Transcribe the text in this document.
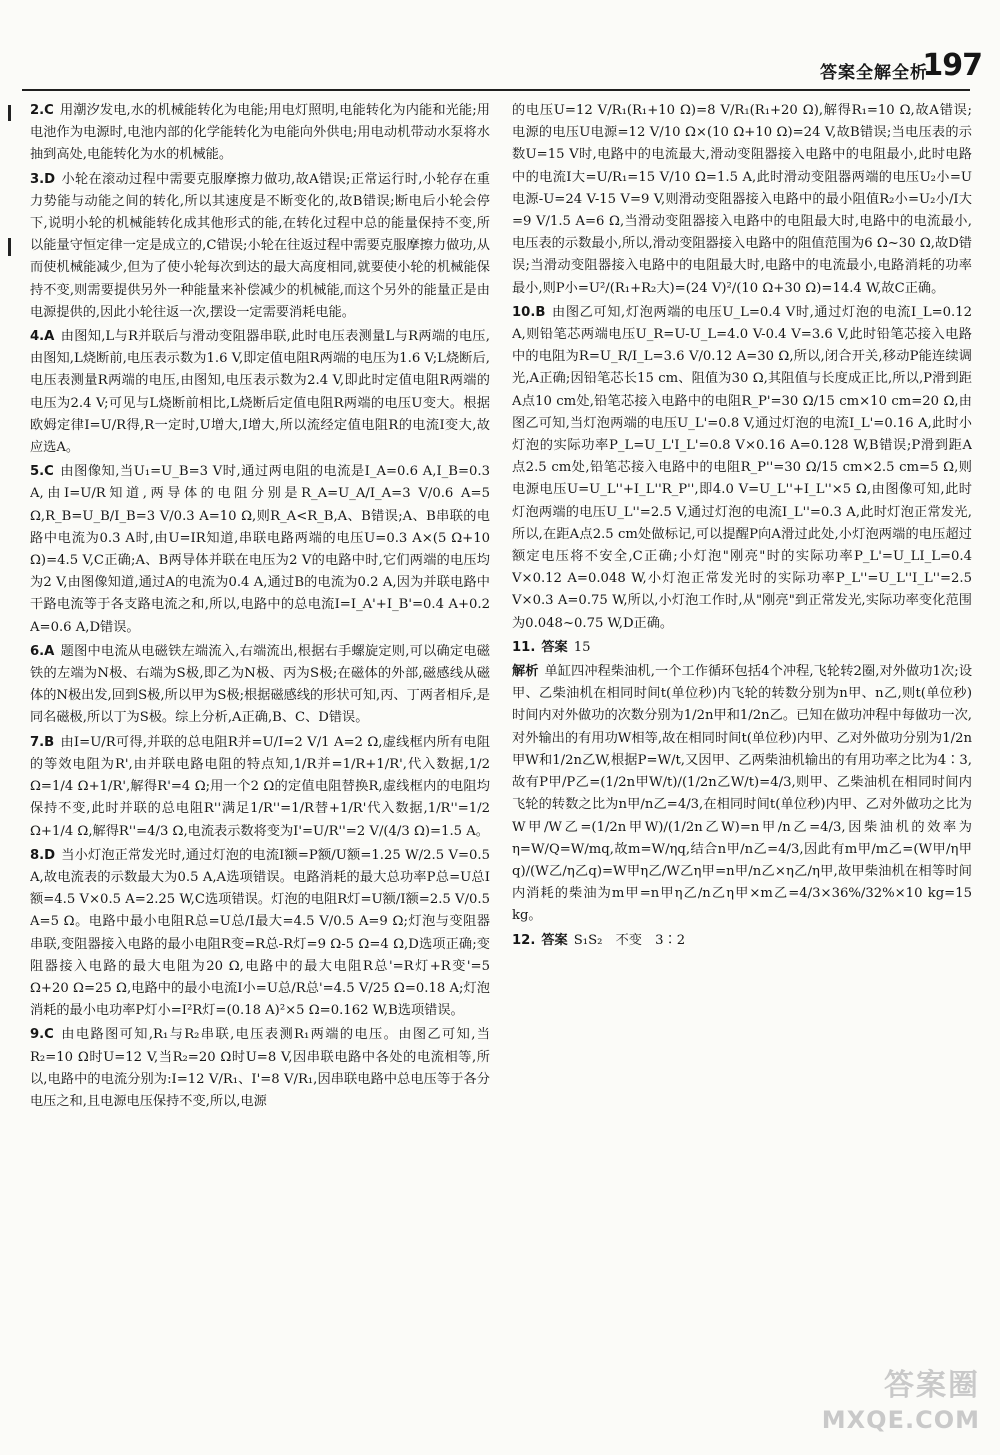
答案全解全析
197
2.C 用潮汐发电,水的机械能转化为电能;用电灯照明,电能转化为内能和光能;用电池作为电源时,电池内部的化学能转化为电能向外供电;用电动机带动水泵将水抽到高处,电能转化为水的机械能。
3.D 小轮在滚动过程中需要克服摩擦力做功,故A错误;正常运行时,小轮存在重力势能与动能之间的转化,所以其速度是不断变化的,故B错误;断电后小轮会停下,说明小轮的机械能转化成其他形式的能,在转化过程中总的能量保持不变,所以能量守恒定律一定是成立的,C错误;小轮在往返过程中需要克服摩擦力做功,从而使机械能减少,但为了使小轮每次到达的最大高度相同,就要使小轮的机械能保持不变,则需要提供另外一种能量来补偿减少的机械能,而这个另外的能量正是由电源提供的,因此小轮往返一次,摆设一定需要消耗电能。
4.A 由图知,L与R并联后与滑动变阻器串联,此时电压表测量L与R两端的电压,由图知,L烧断前,电压表示数为1.6 V,即定值电阻R两端的电压为1.6 V;L烧断后,电压表测量R两端的电压,由图知,电压表示数为2.4 V,即此时定值电阻R两端的电压为2.4 V;可见与L烧断前相比,L烧断后定值电阻R两端的电压U变大。根据欧姆定律I=U/R得,R一定时,U增大,I增大,所以流经定值电阻R的电流I变大,故应选A。
5.C 由图像知,当U₁=U_B=3 V时,通过两电阻的电流是I_A=0.6 A,I_B=0.3 A,由I=U/R知道,两导体的电阻分别是R_A=U_A/I_A=3 V/0.6 A=5 Ω,R_B=U_B/I_B=3 V/0.3 A=10 Ω,则R_A<R_B,A、B错误;A、B串联的电路中电流为0.3 A时,由U=IR知道,串联电路两端的电压U=0.3 A×(5 Ω+10 Ω)=4.5 V,C正确;A、B两导体并联在电压为2 V的电路中时,它们两端的电压均为2 V,由图像知道,通过A的电流为0.4 A,通过B的电流为0.2 A,因为并联电路中干路电流等于各支路电流之和,所以,电路中的总电流I=I_A'+I_B'=0.4 A+0.2 A=0.6 A,D错误。
6.A 题图中电流从电磁铁左端流入,右端流出,根据右手螺旋定则,可以确定电磁铁的左端为N极、右端为S极,即乙为N极、丙为S极;在磁体的外部,磁感线从磁体的N极出发,回到S极,所以甲为S极;根据磁感线的形状可知,丙、丁两者相斥,是同名磁极,所以丁为S极。综上分析,A正确,B、C、D错误。
7.B 由I=U/R可得,并联的总电阻R并=U/I=2 V/1 A=2 Ω,虚线框内所有电阻的等效电阻为R',由并联电路电阻的特点知,1/R并=1/R+1/R',代入数据,1/2 Ω=1/4 Ω+1/R',解得R'=4 Ω;用一个2 Ω的定值电阻替换R,虚线框内的电阻均保持不变,此时并联的总电阻R''满足1/R''=1/R替+1/R'代入数据,1/R''=1/2 Ω+1/4 Ω,解得R''=4/3 Ω,电流表示数将变为I'=U/R''=2 V/(4/3 Ω)=1.5 A。
8.D 当小灯泡正常发光时,通过灯泡的电流I额=P额/U额=1.25 W/2.5 V=0.5 A,故电流表的示数最大为0.5 A,A选项错误。电路消耗的最大总功率P总=U总I额=4.5 V×0.5 A=2.25 W,C选项错误。灯泡的电阻R灯=U额/I额=2.5 V/0.5 A=5 Ω。电路中最小电阻R总=U总/I最大=4.5 V/0.5 A=9 Ω;灯泡与变阻器串联,变阻器接入电路的最小电阻R变=R总-R灯=9 Ω-5 Ω=4 Ω,D选项正确;变阻器接入电路的最大电阻为20 Ω,电路中的最大电阻R总'=R灯+R变'=5 Ω+20 Ω=25 Ω,电路中的最小电流I小=U总/R总'=4.5 V/25 Ω=0.18 A;灯泡消耗的最小电功率P灯小=I²R灯=(0.18 A)²×5 Ω=0.162 W,B选项错误。
9.C 由电路图可知,R₁与R₂串联,电压表测R₁两端的电压。由图乙可知,当R₂=10 Ω时U=12 V,当R₂=20 Ω时U=8 V,因串联电路中各处的电流相等,所以,电路中的电流分别为:I=12 V/R₁、I'=8 V/R₁,因串联电路中总电压等于各分电压之和,且电源电压保持不变,所以,电源
的电压U=12 V/R₁(R₁+10 Ω)=8 V/R₁(R₁+20 Ω),解得R₁=10 Ω,故A错误;电源的电压U电源=12 V/10 Ω×(10 Ω+10 Ω)=24 V,故B错误;当电压表的示数U=15 V时,电路中的电流最大,滑动变阻器接入电路中的电阻最小,此时电路中的电流I大=U/R₁=15 V/10 Ω=1.5 A,此时滑动变阻器两端的电压U₂小=U电源-U=24 V-15 V=9 V,则滑动变阻器接入电路中的最小阻值R₂小=U₂小/I大=9 V/1.5 A=6 Ω,当滑动变阻器接入电路中的电阻最大时,电路中的电流最小,电压表的示数最小,所以,滑动变阻器接入电路中的阻值范围为6 Ω~30 Ω,故D错误;当滑动变阻器接入电路中的电阻最大时,电路中的电流最小,电路消耗的功率最小,则P小=U²/(R₁+R₂大)=(24 V)²/(10 Ω+30 Ω)=14.4 W,故C正确。
10.B 由图乙可知,灯泡两端的电压U_L=0.4 V时,通过灯泡的电流I_L=0.12 A,则铅笔芯两端电压U_R=U-U_L=4.0 V-0.4 V=3.6 V,此时铅笔芯接入电路中的电阻为R=U_R/I_L=3.6 V/0.12 A=30 Ω,所以,闭合开关,移动P能连续调光,A正确;因铅笔芯长15 cm、阻值为30 Ω,其阻值与长度成正比,所以,P滑到距A点10 cm处,铅笔芯接入电路中的电阻R_P'=30 Ω/15 cm×10 cm=20 Ω,由图乙可知,当灯泡两端的电压U_L'=0.8 V,通过灯泡的电流I_L'=0.16 A,此时小灯泡的实际功率P_L=U_L'I_L'=0.8 V×0.16 A=0.128 W,B错误;P滑到距A点2.5 cm处,铅笔芯接入电路中的电阻R_P''=30 Ω/15 cm×2.5 cm=5 Ω,则电源电压U=U_L''+I_L''R_P'',即4.0 V=U_L''+I_L''×5 Ω,由图像可知,此时灯泡两端的电压U_L''=2.5 V,通过灯泡的电流I_L''=0.3 A,此时灯泡正常发光,所以,在距A点2.5 cm处做标记,可以提醒P向A滑过此处,小灯泡两端的电压超过额定电压将不安全,C正确;小灯泡"刚亮"时的实际功率P_L'=U_LI_L=0.4 V×0.12 A=0.048 W,小灯泡正常发光时的实际功率P_L''=U_L''I_L''=2.5 V×0.3 A=0.75 W,所以,小灯泡工作时,从"刚亮"到正常发光,实际功率变化范围为0.048~0.75 W,D正确。
11. 答案 15
解析 单缸四冲程柴油机,一个工作循环包括4个冲程,飞轮转2圈,对外做功1次;设甲、乙柴油机在相同时间t(单位秒)内飞轮的转数分别为n甲、n乙,则t(单位秒)时间内对外做功的次数分别为1/2n甲和1/2n乙。已知在做功冲程中每做功一次,对外输出的有用功W相等,故在相同时间t(单位秒)内甲、乙对外做功分别为1/2n甲W和1/2n乙W,根据P=W/t,又因甲、乙两柴油机输出的有用功率之比为4∶3,故有P甲/P乙=(1/2n甲W/t)/(1/2n乙W/t)=4/3,则甲、乙柴油机在相同时间内飞轮的转数之比为n甲/n乙=4/3,在相同时间t(单位秒)内甲、乙对外做功之比为W甲/W乙=(1/2n甲W)/(1/2n乙W)=n甲/n乙=4/3,因柴油机的效率为η=W/Q=W/mq,故m=W/ηq,结合n甲/n乙=4/3,因此有m甲/m乙=(W甲/η甲q)/(W乙/η乙q)=W甲η乙/W乙η甲=n甲/n乙×η乙/η甲,故甲柴油机在相等时间内消耗的柴油为m甲=n甲η乙/n乙η甲×m乙=4/3×36%/32%×10 kg=15 kg。
12. 答案 S₁S₂　不变　3∶2
答案圈
MXQE.COM
